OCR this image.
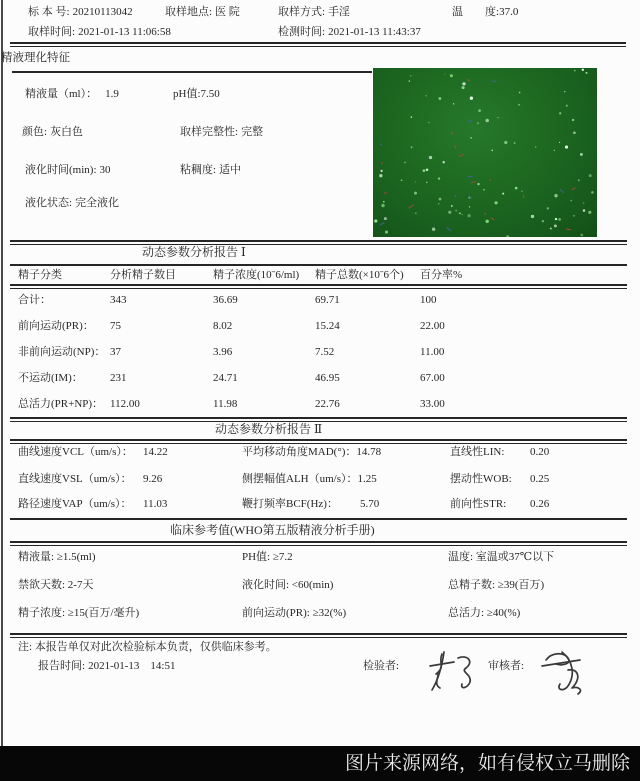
标 本 号: 20210113042	取样地点: 医 院	取样方式: 手淫	温　　度:37.0
取样时间: 2021-01-13 11:06:58	检测时间: 2021-01-13 11:43:37
精液理化特征
精液量（ml）： 1.9	pH值:7.50
颜色: 灰白色	取样完整性: 完整
液化时间(min): 30	粘稠度: 适中
液化状态: 完全液化
动态参数分析报告 Ⅰ
精子分类	分析精子数目	精子浓度(10ˉ6/ml) 精子总数(×10ˉ6个) 百分率%
合计：	343	36.69	69.71	100
前向运动(PR)： 75	8.02	15.24	22.00
非前向运动(NP)： 37	3.96	7.52	11.00
不运动(IM)： 231	24.71	46.95	67.00
总活力(PR+NP)： 112.00	11.98	22.76	33.00
动态参数分析报告 Ⅱ
曲线速度VCL（um/s）： 14.22	平均移动角度MAD(°)：14.78	直线性LIN: 0.20
直线速度VSL（um/s）： 9.26	侧摆幅值ALH（um/s）：1.25	摆动性WOB: 0.25
路径速度VAP（um/s）： 11.03	鞭打频率BCF(Hz)： 5.70	前向性STR: 0.26
临床参考值(WHO第五版精液分析手册)
精液量: ≥1.5(ml)	PH值: ≥7.2	温度: 室温或37℃以下
禁欲天数: 2-7天	液化时间: <60(min)	总精子数: ≥39(百万)
精子浓度: ≥15(百万/毫升)	前向运动(PR): ≥32(%)	总活力: ≥40(%)
注: 本报告单仅对此次检验标本负责，仅供临床参考。
报告时间: 2021-01-13　14:51	检验者:	审核者:
图片来源网络，如有侵权立马删除
